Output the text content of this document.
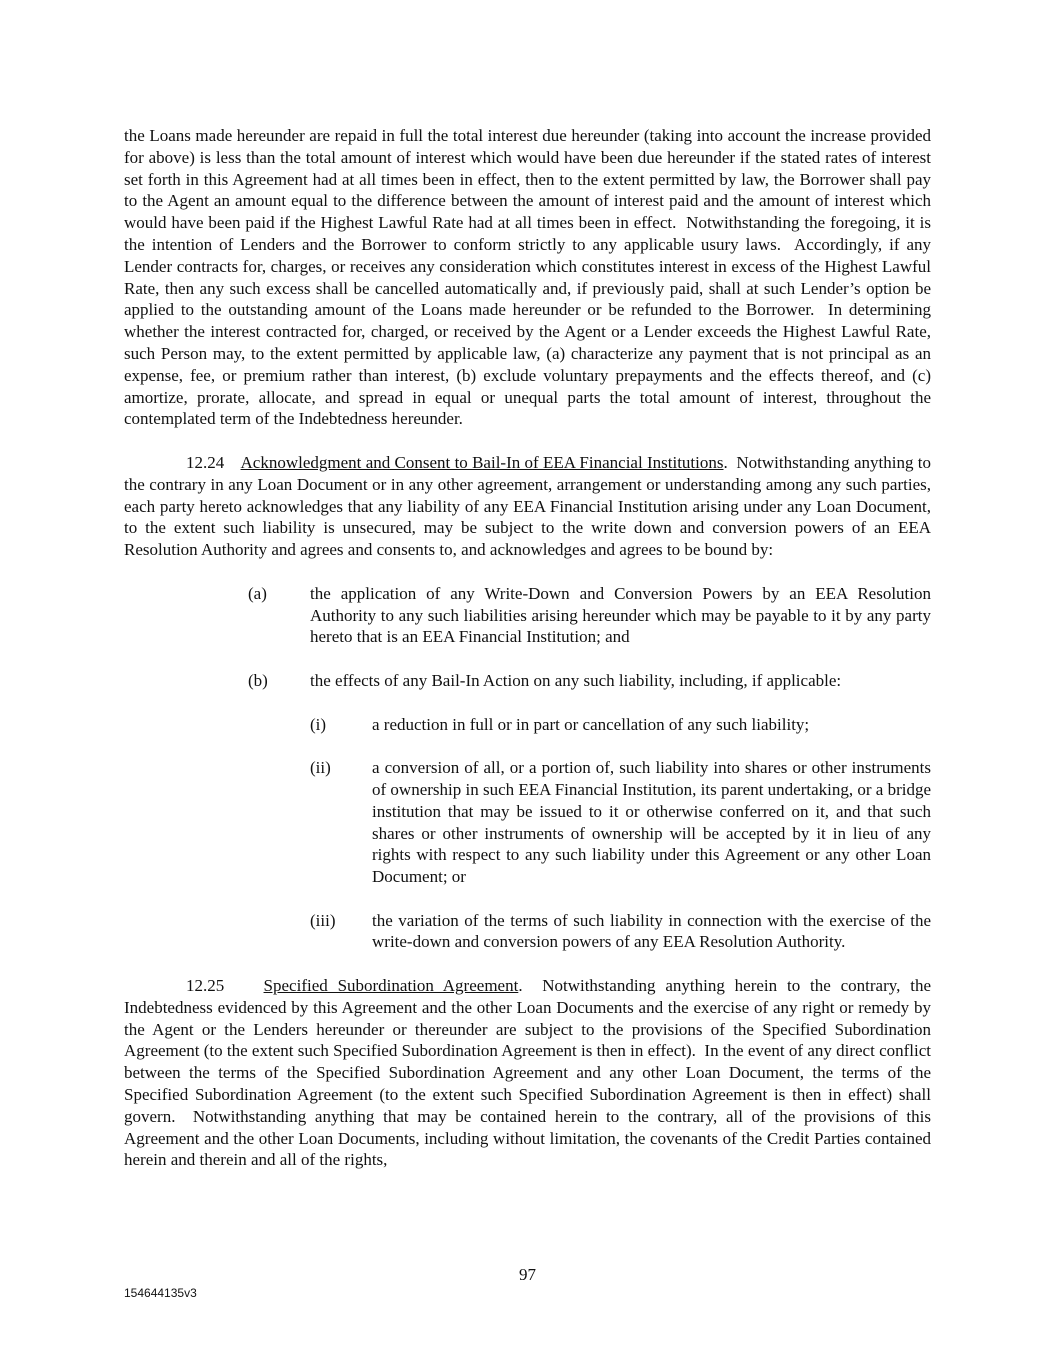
the Loans made hereunder are repaid in full the total interest due hereunder (taking into account the increase provided for above) is less than the total amount of interest which would have been due hereunder if the stated rates of interest set forth in this Agreement had at all times been in effect, then to the extent permitted by law, the Borrower shall pay to the Agent an amount equal to the difference between the amount of interest paid and the amount of interest which would have been paid if the Highest Lawful Rate had at all times been in effect.  Notwithstanding the foregoing, it is the intention of Lenders and the Borrower to conform strictly to any applicable usury laws.  Accordingly, if any Lender contracts for, charges, or receives any consideration which constitutes interest in excess of the Highest Lawful Rate, then any such excess shall be cancelled automatically and, if previously paid, shall at such Lender’s option be applied to the outstanding amount of the Loans made hereunder or be refunded to the Borrower.  In determining whether the interest contracted for, charged, or received by the Agent or a Lender exceeds the Highest Lawful Rate, such Person may, to the extent permitted by applicable law, (a) characterize any payment that is not principal as an expense, fee, or premium rather than interest, (b) exclude voluntary prepayments and the effects thereof, and (c) amortize, prorate, allocate, and spread in equal or unequal parts the total amount of interest, throughout the contemplated term of the Indebtedness hereunder.

12.24 Acknowledgment and Consent to Bail-In of EEA Financial Institutions.  Notwithstanding anything to the contrary in any Loan Document or in any other agreement, arrangement or understanding among any such parties, each party hereto acknowledges that any liability of any EEA Financial Institution arising under any Loan Document, to the extent such liability is unsecured, may be subject to the write down and conversion powers of an EEA Resolution Authority and agrees and consents to, and acknowledges and agrees to be bound by:

(a)	the application of any Write-Down and Conversion Powers by an EEA Resolution Authority to any such liabilities arising hereunder which may be payable to it by any party hereto that is an EEA Financial Institution; and
(b) the effects of any Bail-In Action on any such liability, including, if applicable:
(i)	a reduction in full or in part or cancellation of any such liability;
(ii) a conversion of all, or a portion of, such liability into shares or other instruments of ownership in such EEA Financial Institution, its parent undertaking, or a bridge institution that may be issued to it or otherwise conferred on it, and that such shares or other instruments of ownership will be accepted by it in lieu of any rights with respect to any such liability under this Agreement or any other Loan Document; or
(iii) the variation of the terms of such liability in connection with the exercise of the write-down and conversion powers of any EEA Resolution Authority.

12.25 Specified Subordination Agreement.  Notwithstanding anything herein to the contrary, the Indebtedness evidenced by this Agreement and the other Loan Documents and the exercise of any right or remedy by the Agent or the Lenders hereunder or thereunder are subject to the provisions of the Specified Subordination Agreement (to the extent such Specified Subordination Agreement is then in effect).  In the event of any direct conflict between the terms of the Specified Subordination Agreement and any other Loan Document, the terms of the Specified Subordination Agreement (to the extent such Specified Subordination Agreement is then in effect) shall govern.  Notwithstanding anything that may be contained herein to the contrary, all of the provisions of this Agreement and the other Loan Documents, including without limitation, the covenants of the Credit Parties contained herein and therein and all of the rights,

97
154644135v3
